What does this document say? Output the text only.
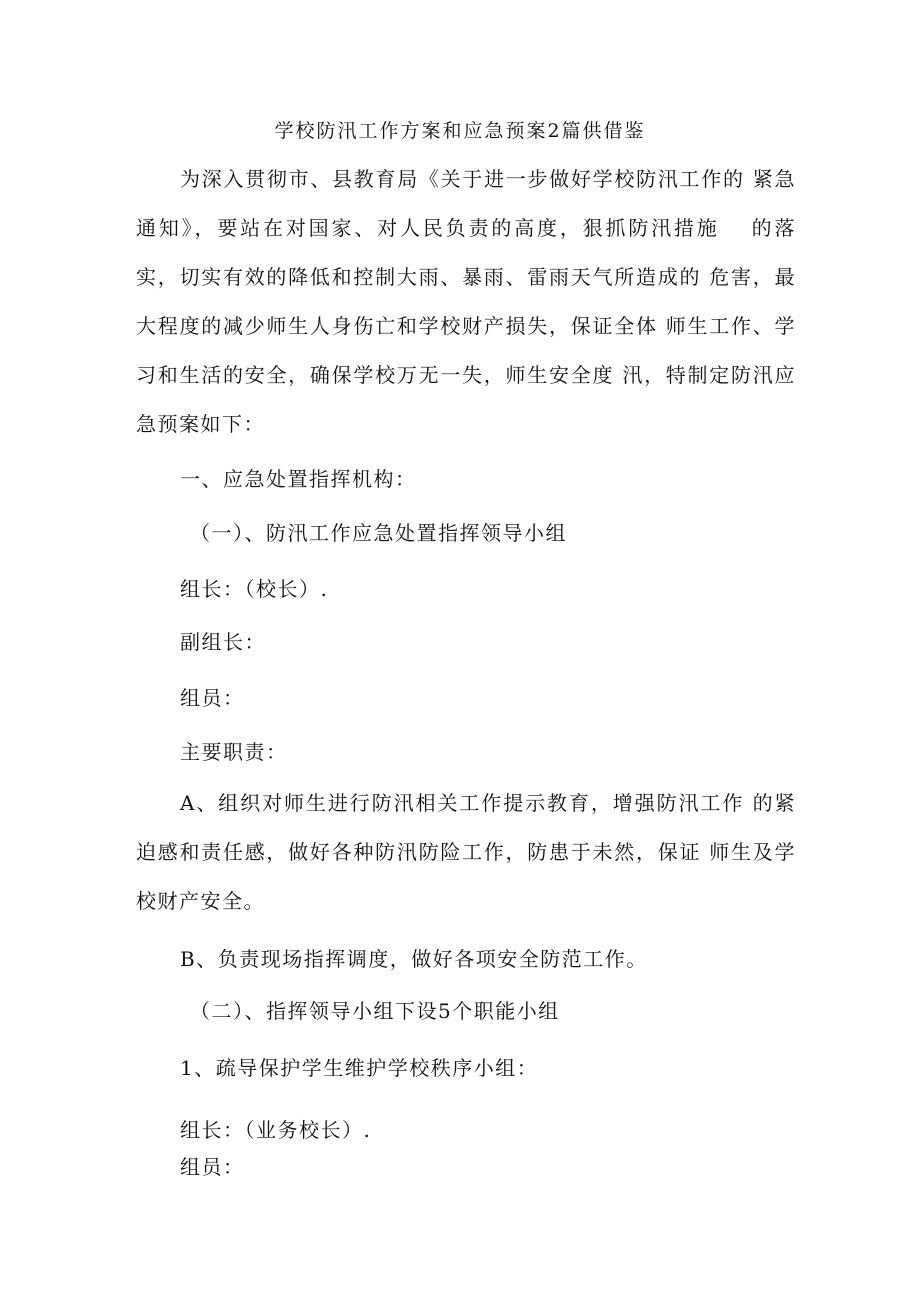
学校防汛工作方案和应急预案2篇供借鉴

为深入贯彻市、县教育局《关于进一步做好学校防汛工作的 紧急通知》，要站在对国家、对人民负责的高度，狠抓防汛措施　 的落实，切实有效的降低和控制大雨、暴雨、雷雨天气所造成的 危害，最大程度的减少师生人身伤亡和学校财产损失，保证全体 师生工作、学习和生活的安全，确保学校万无一失，师生安全度 汛，特制定防汛应急预案如下：

一、应急处置指挥机构：
（一）、防汛工作应急处置指挥领导小组
组长：（校长）.
副组长：
组员：
主要职责：

A、组织对师生进行防汛相关工作提示教育，增强防汛工作 的紧迫感和责任感，做好各种防汛防险工作，防患于未然，保证 师生及学校财产安全。

B、负责现场指挥调度，做好各项安全防范工作。
（二）、指挥领导小组下设5个职能小组
1、疏导保护学生维护学校秩序小组：
组长：（业务校长）.
组员：
